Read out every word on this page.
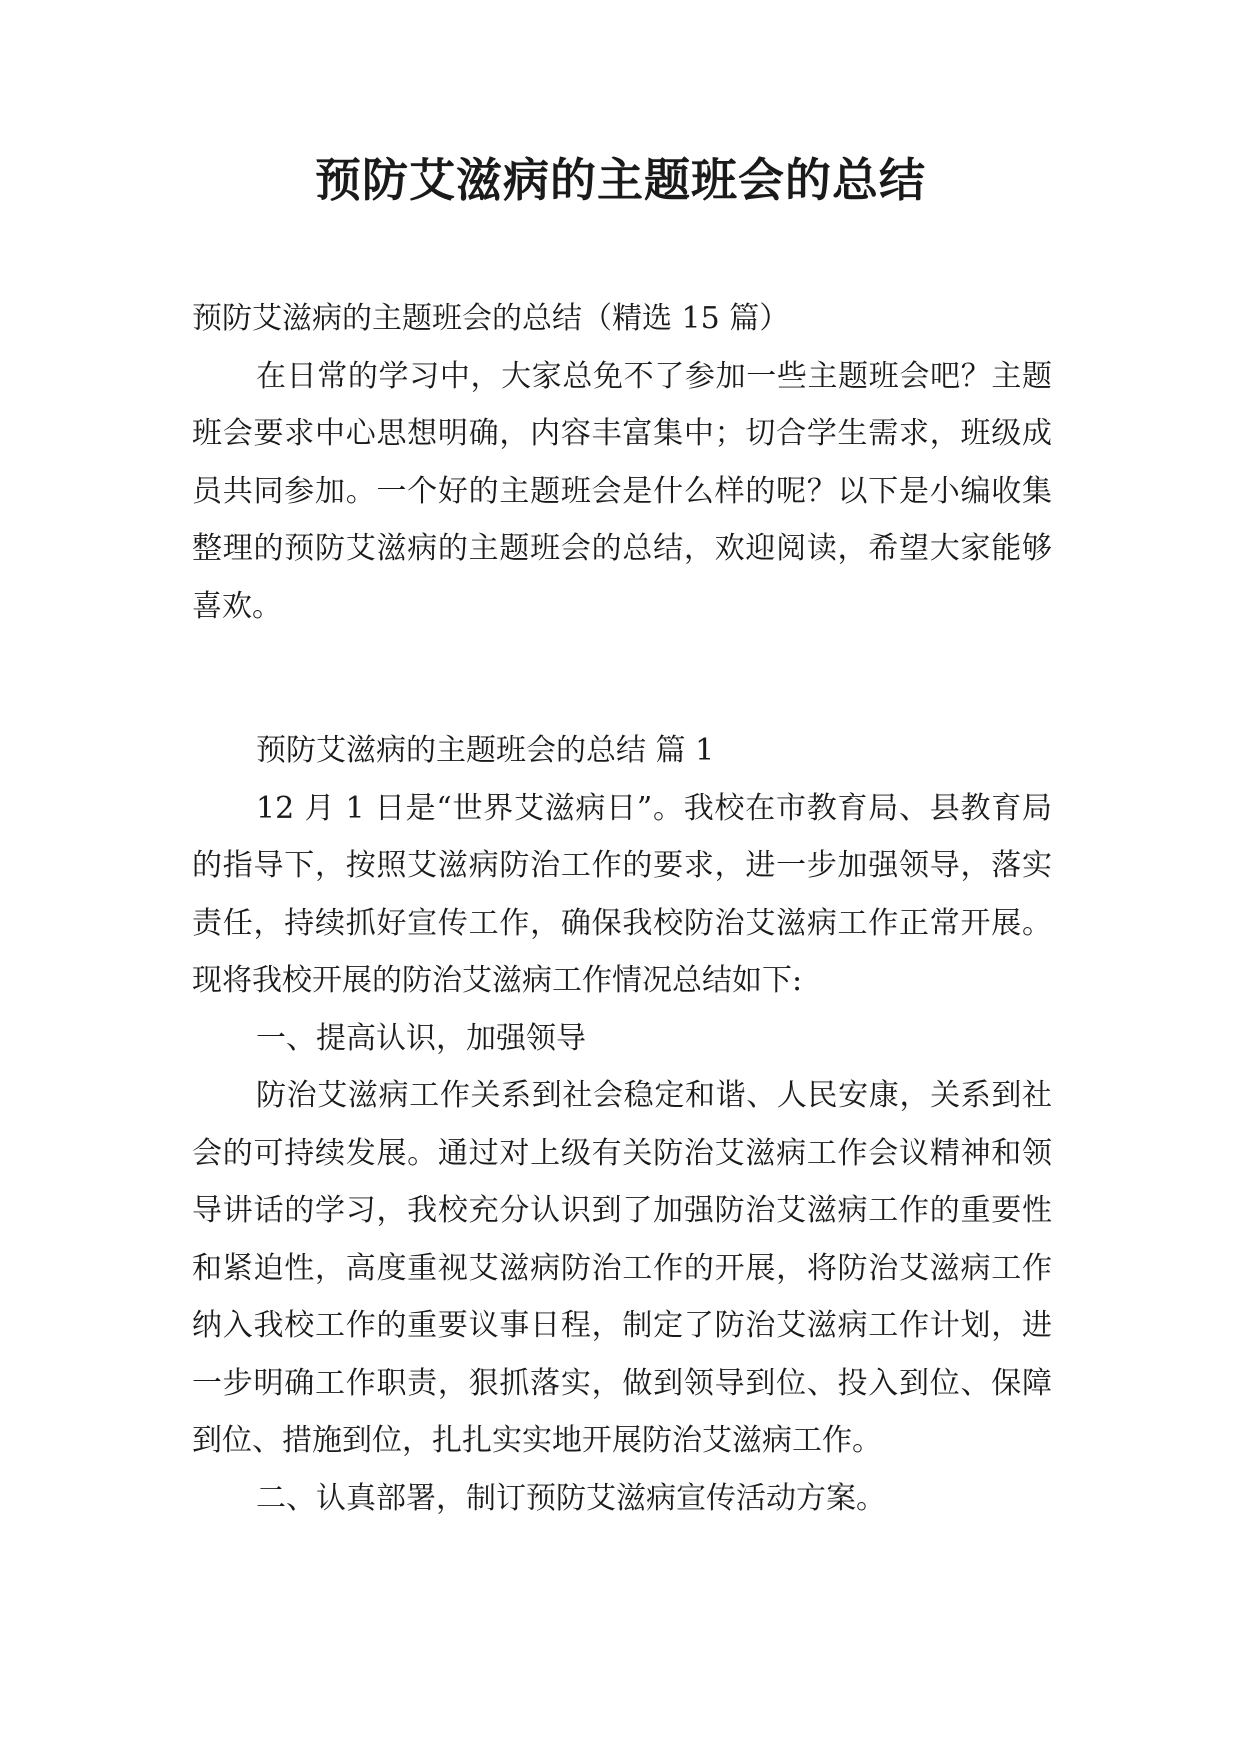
预防艾滋病的主题班会的总结

预防艾滋病的主题班会的总结（精选 15 篇）

在日常的学习中，大家总免不了参加一些主题班会吧？主题班会要求中心思想明确，内容丰富集中；切合学生需求，班级成员共同参加。一个好的主题班会是什么样的呢？以下是小编收集整理的预防艾滋病的主题班会的总结，欢迎阅读，希望大家能够喜欢。

预防艾滋病的主题班会的总结 篇 1

12 月 1 日是“世界艾滋病日”。我校在市教育局、县教育局的指导下，按照艾滋病防治工作的要求，进一步加强领导，落实责任，持续抓好宣传工作，确保我校防治艾滋病工作正常开展。现将我校开展的防治艾滋病工作情况总结如下:

一、提高认识，加强领导

防治艾滋病工作关系到社会稳定和谐、人民安康，关系到社会的可持续发展。通过对上级有关防治艾滋病工作会议精神和领导讲话的学习，我校充分认识到了加强防治艾滋病工作的重要性和紧迫性，高度重视艾滋病防治工作的开展，将防治艾滋病工作纳入我校工作的重要议事日程，制定了防治艾滋病工作计划，进一步明确工作职责，狠抓落实，做到领导到位、投入到位、保障到位、措施到位，扎扎实实地开展防治艾滋病工作。

二、认真部署，制订预防艾滋病宣传活动方案。
